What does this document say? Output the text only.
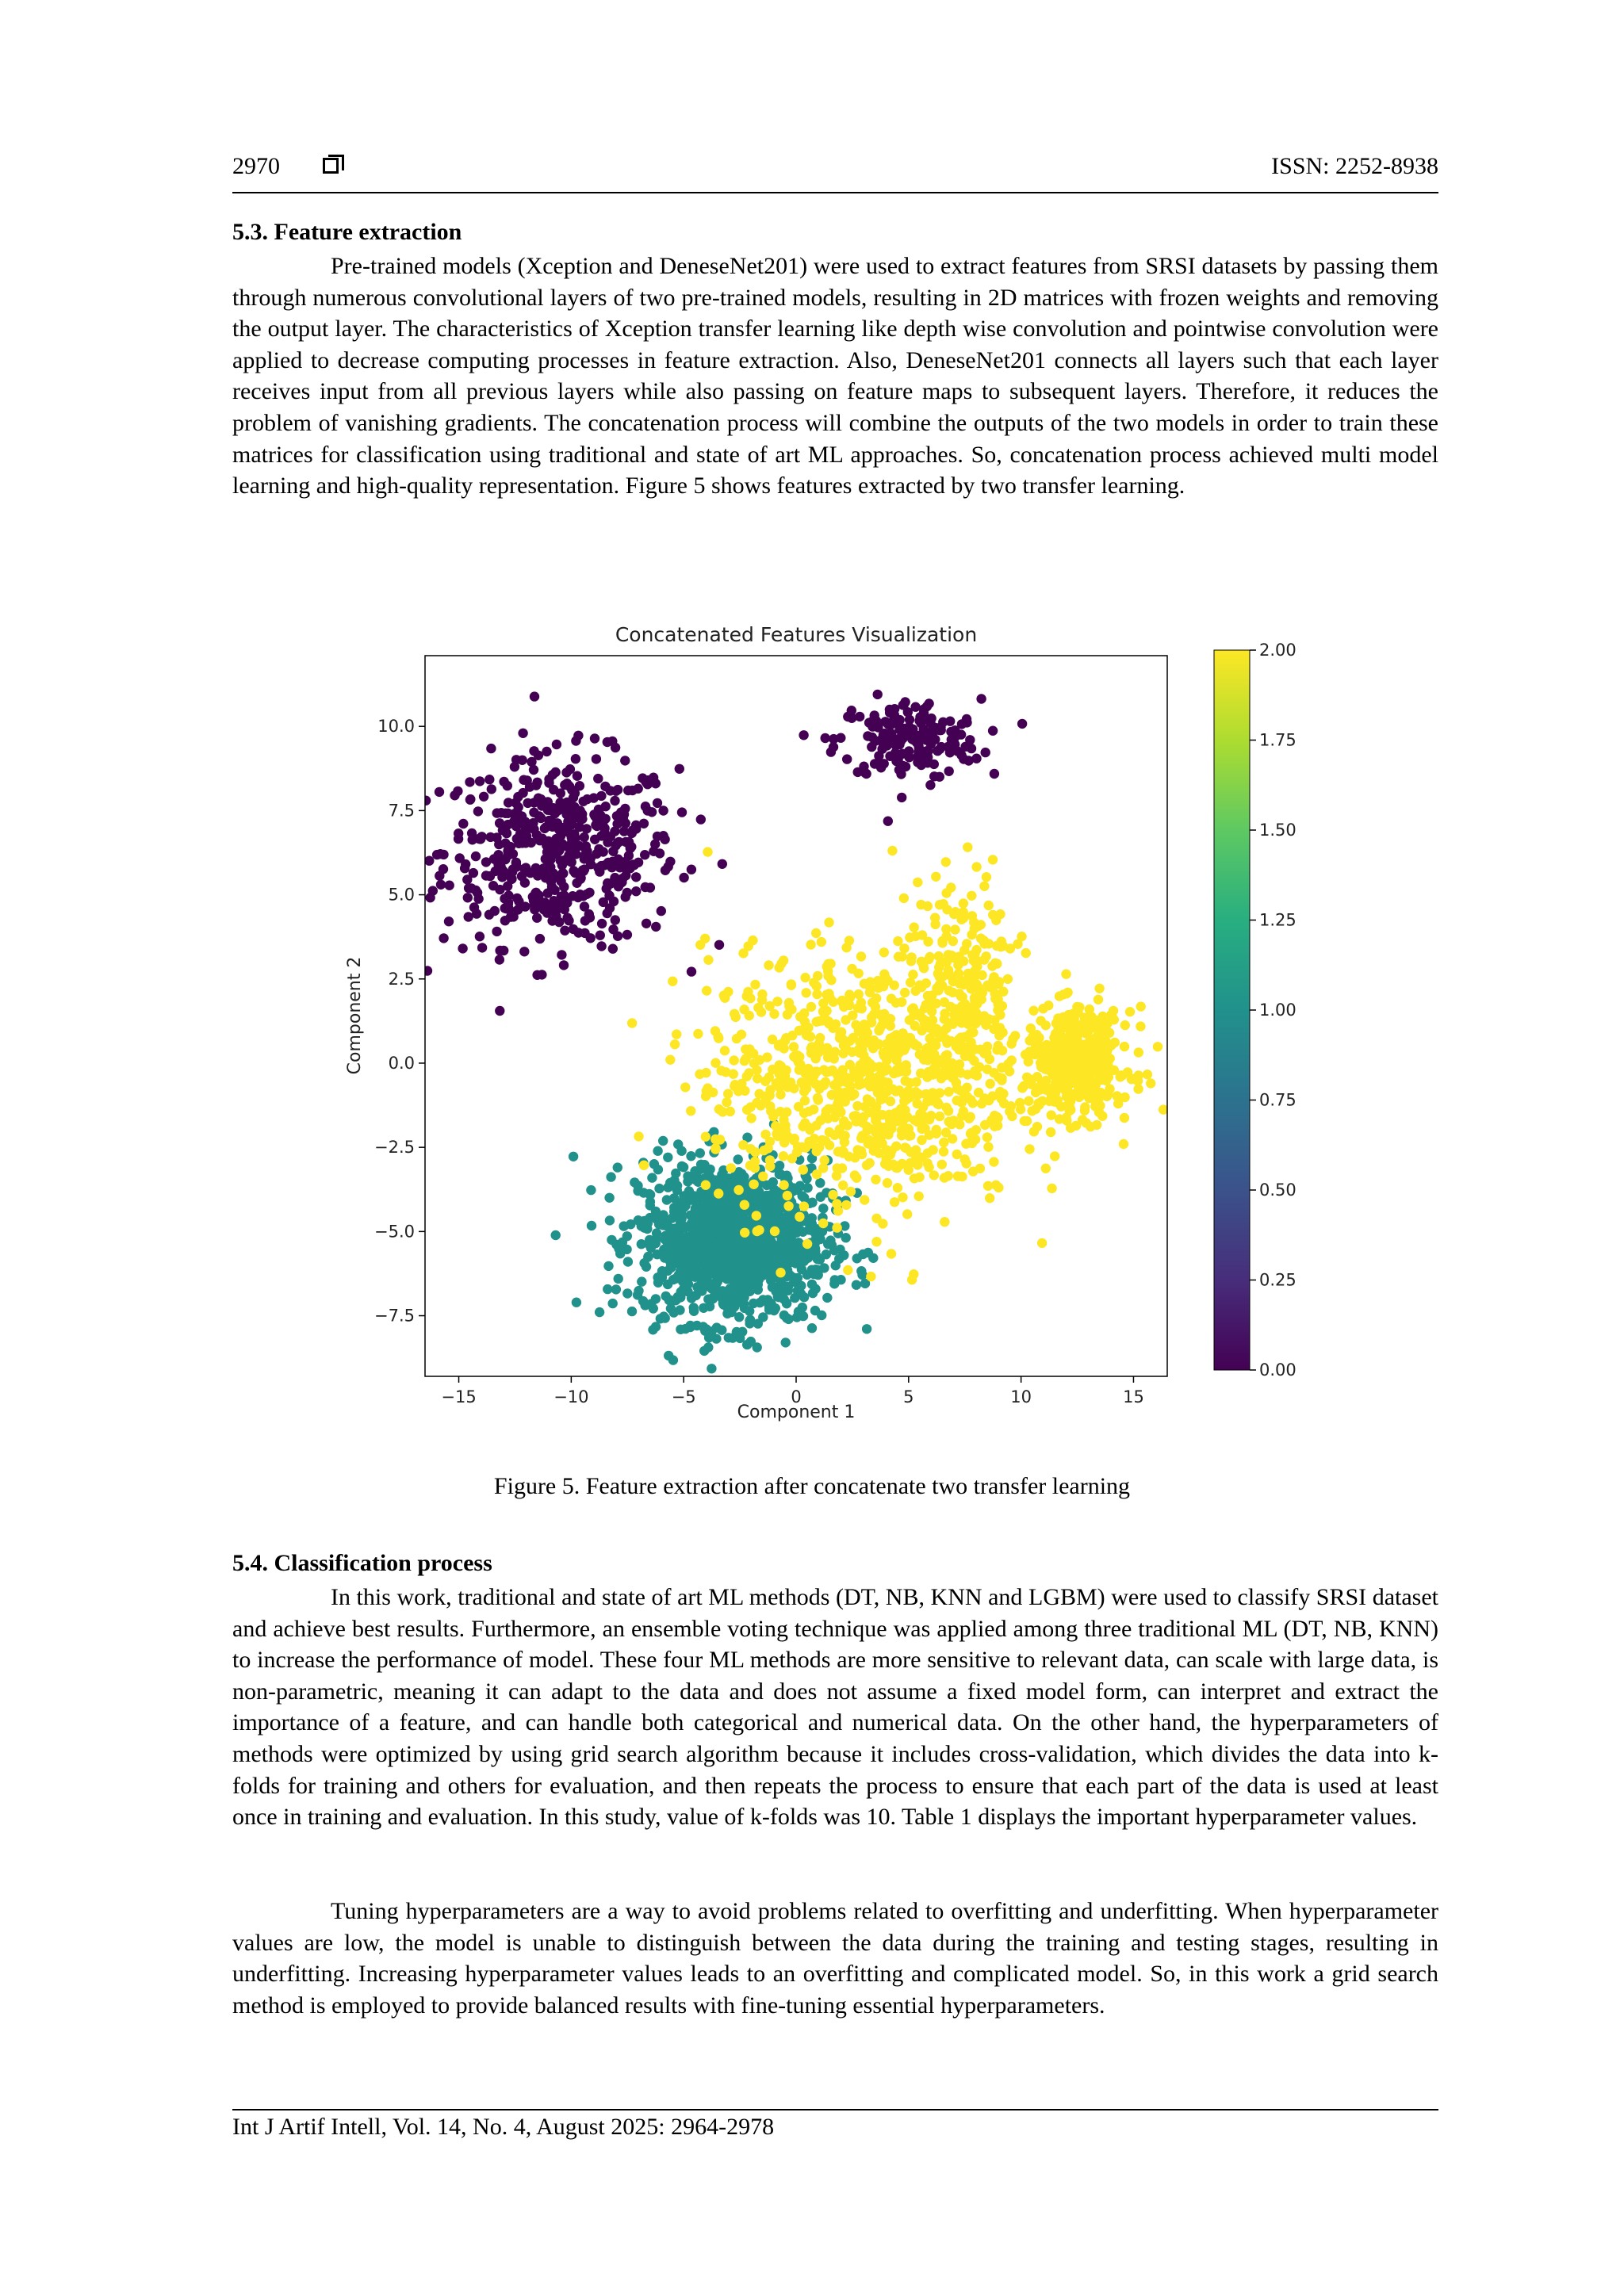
2970	ISSN: 2252-8938
5.3. Feature extraction

Pre-trained models (Xception and DeneseNet201) were used to extract features from SRSI datasets by passing them through numerous convolutional layers of two pre-trained models, resulting in 2D matrices with frozen weights and removing the output layer. The characteristics of Xception transfer learning like depth wise convolution and pointwise convolution were applied to decrease computing processes in feature extraction. Also, DeneseNet201 connects all layers such that each layer receives input from all previous layers while also passing on feature maps to subsequent layers. Therefore, it reduces the problem of vanishing gradients. The concatenation process will combine the outputs of the two models in order to train these matrices for classification using traditional and state of art ML approaches. So, concatenation process achieved multi model learning and high-quality representation. Figure 5 shows features extracted by two transfer learning.

Concatenated Features Visualization
−15	−10	−5	0	5	10	15
−7.5
−5.0
−2.5
0.0
2.5
5.0
7.5
10.0
Component 1
Component 2
0.00
0.25
0.50
0.75
1.00
1.25
1.50
1.75
2.00
Figure 5. Feature extraction after concatenate two transfer learning
5.4. Classification process

In this work, traditional and state of art ML methods (DT, NB, KNN and LGBM) were used to classify SRSI dataset and achieve best results. Furthermore, an ensemble voting technique was applied among three traditional ML (DT, NB, KNN) to increase the performance of model. These four ML methods are more sensitive to relevant data, can scale with large data, is non-parametric, meaning it can adapt to the data and does not assume a fixed model form, can interpret and extract the importance of a feature, and can handle both categorical and numerical data. On the other hand, the hyperparameters of methods were optimized by using grid search algorithm because it includes cross-validation, which divides the data into k-folds for training and others for evaluation, and then repeats the process to ensure that each part of the data is used at least once in training and evaluation. In this study, value of k-folds was 10. Table 1 displays the important hyperparameter values.

Tuning hyperparameters are a way to avoid problems related to overfitting and underfitting. When hyperparameter values are low, the model is unable to distinguish between the data during the training and testing stages, resulting in underfitting. Increasing hyperparameter values leads to an overfitting and complicated model. So, in this work a grid search method is employed to provide balanced results with fine-tuning essential hyperparameters.

Int J Artif Intell, Vol. 14, No. 4, August 2025: 2964-2978
